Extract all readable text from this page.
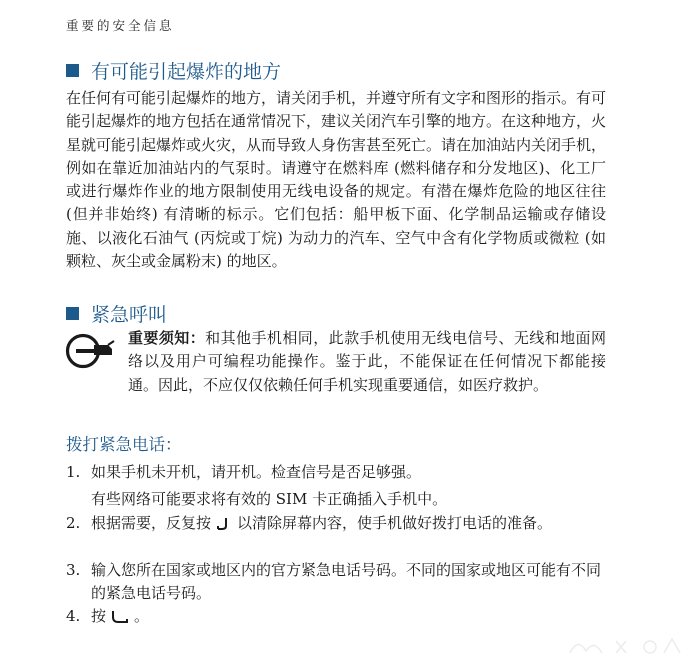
重要的安全信息
有可能引起爆炸的地方
在任何有可能引起爆炸的地方，请关闭手机，并遵守所有文字和图形的指示。有可能引起爆炸的地方包括在通常情况下，建议关闭汽车引擎的地方。在这种地方，火星就可能引起爆炸或火灾，从而导致人身伤害甚至死亡。请在加油站内关闭手机，例如在靠近加油站内的气泵时。请遵守在燃料库 (燃料储存和分发地区)、化工厂或进行爆炸作业的地方限制使用无线电设备的规定。有潜在爆炸危险的地区往往 (但并非始终) 有清晰的标示。它们包括：船甲板下面、化学制品运输或存储设施、以液化石油气 (丙烷或丁烷) 为动力的汽车、空气中含有化学物质或微粒 (如颗粒、灰尘或金属粉末) 的地区。
紧急呼叫
重要须知：和其他手机相同，此款手机使用无线电信号、无线和地面网络以及用户可编程功能操作。鉴于此，不能保证在任何情况下都能接通。因此，不应仅仅依赖任何手机实现重要通信，如医疗救护。
拨打紧急电话：
1. 如果手机未开机，请开机。检查信号是否足够强。
有些网络可能要求将有效的 SIM 卡正确插入手机中。
2. 根据需要，反复按 以清除屏幕内容，使手机做好拨打电话的准备。
3. 输入您所在国家或地区内的官方紧急电话号码。不同的国家或地区可能有不同的紧急电话号码。
4. 按 。
